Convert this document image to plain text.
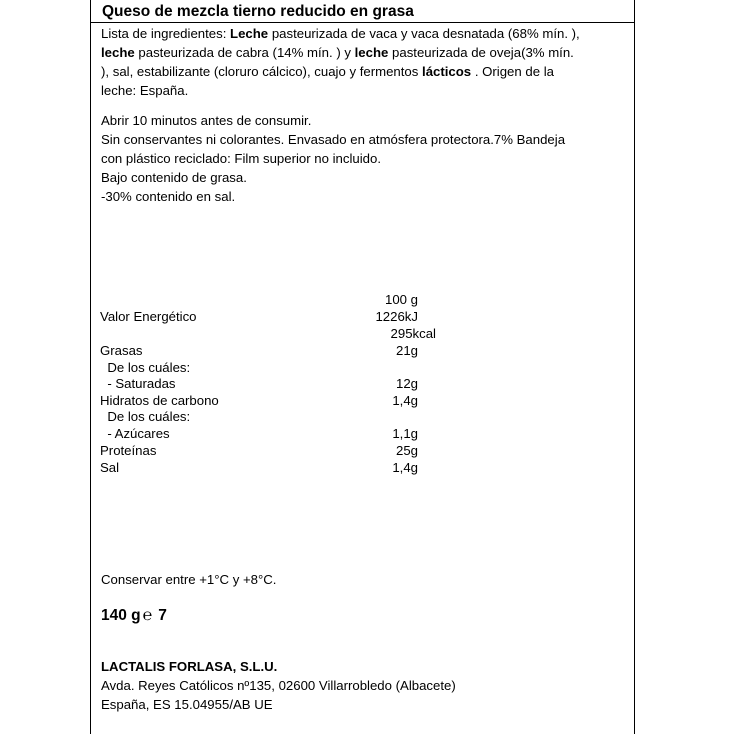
Queso de mezcla tierno reducido en grasa
Lista de ingredientes: Leche pasteurizada de vaca y vaca desnatada (68% mín. ),
leche pasteurizada de cabra (14% mín. ) y leche pasteurizada de oveja(3% mín.
), sal, estabilizante (cloruro cálcico), cuajo y fermentos lácticos . Origen de la
leche: España.
Abrir 10 minutos antes de consumir.
Sin conservantes ni colorantes. Envasado en atmósfera protectora.7% Bandeja
con plástico reciclado: Film superior no incluido.
Bajo contenido de grasa.
-30% contenido en sal.
100 g
Valor Energético	1226kJ
295kcal
Grasas	21g
De los cuáles:
- Saturadas	12g
Hidratos de carbono	1,4g
De los cuáles:
- Azúcares	1,1g
Proteínas	25g
Sal	1,4g
Conservar entre +1°C y +8°C.
140 g ℮ 7
LACTALIS FORLASA, S.L.U.
Avda. Reyes Católicos nº135, 02600 Villarrobledo (Albacete)
España, ES 15.04955/AB UE
